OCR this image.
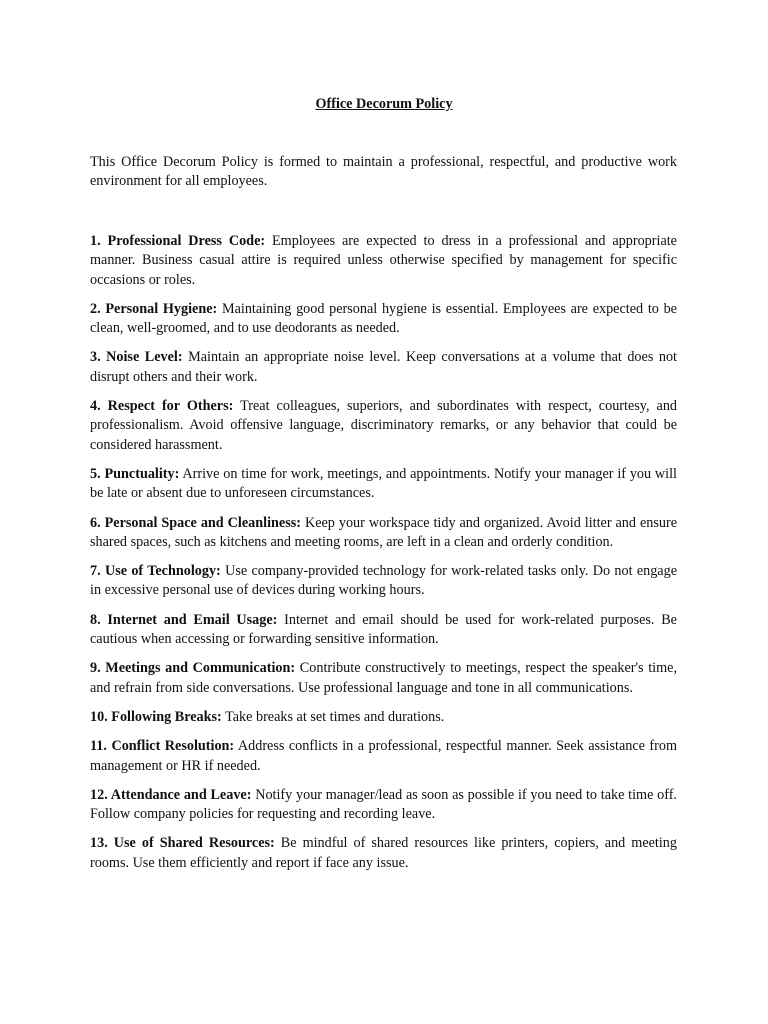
Office Decorum Policy

This Office Decorum Policy is formed to maintain a professional, respectful, and productive work environment for all employees.

1. Professional Dress Code: Employees are expected to dress in a professional and appropriate manner. Business casual attire is required unless otherwise specified by management for specific occasions or roles.

2. Personal Hygiene: Maintaining good personal hygiene is essential. Employees are expected to be clean, well-groomed, and to use deodorants as needed.

3. Noise Level: Maintain an appropriate noise level. Keep conversations at a volume that does not disrupt others and their work.

4. Respect for Others: Treat colleagues, superiors, and subordinates with respect, courtesy, and professionalism. Avoid offensive language, discriminatory remarks, or any behavior that could be considered harassment.

5. Punctuality: Arrive on time for work, meetings, and appointments. Notify your manager if you will be late or absent due to unforeseen circumstances.

6. Personal Space and Cleanliness: Keep your workspace tidy and organized. Avoid litter and ensure shared spaces, such as kitchens and meeting rooms, are left in a clean and orderly condition.

7. Use of Technology: Use company-provided technology for work-related tasks only. Do not engage in excessive personal use of devices during working hours.

8. Internet and Email Usage: Internet and email should be used for work-related purposes. Be cautious when accessing or forwarding sensitive information.

9. Meetings and Communication: Contribute constructively to meetings, respect the speaker's time, and refrain from side conversations. Use professional language and tone in all communications.

10. Following Breaks: Take breaks at set times and durations.

11. Conflict Resolution: Address conflicts in a professional, respectful manner. Seek assistance from management or HR if needed.

12. Attendance and Leave: Notify your manager/lead as soon as possible if you need to take time off. Follow company policies for requesting and recording leave.

13. Use of Shared Resources: Be mindful of shared resources like printers, copiers, and meeting rooms. Use them efficiently and report if face any issue.
